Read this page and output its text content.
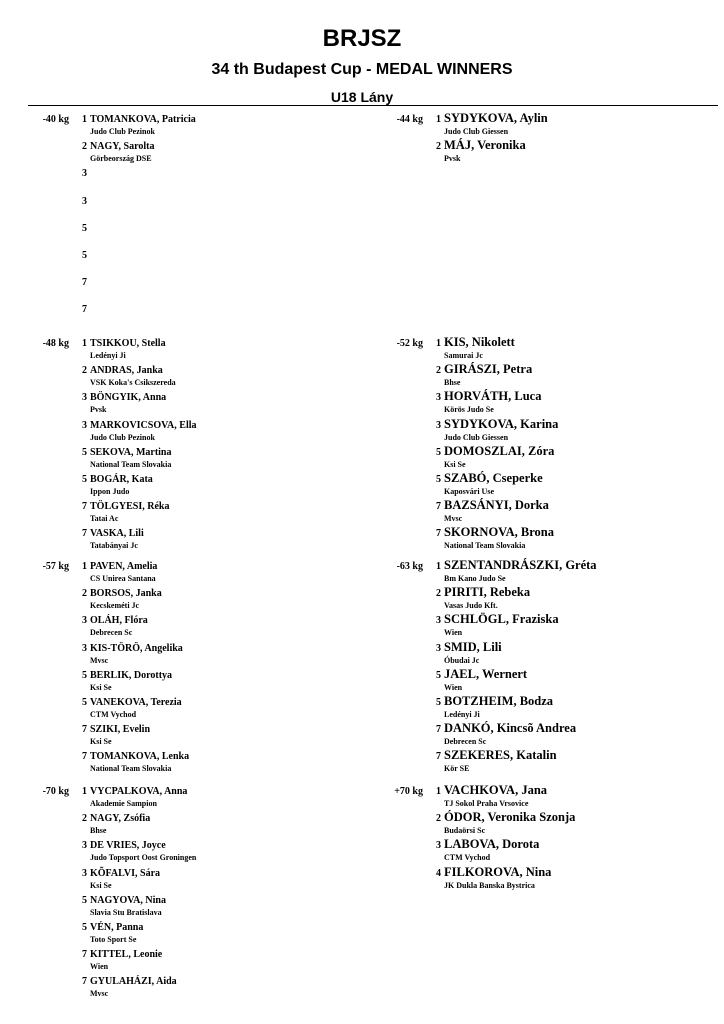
BRJSZ
34 th Budapest Cup - MEDAL WINNERS
U18 Lány
-40 kg	1 TOMANKOVA, Patricia
Judo Club Pezinok
2 NAGY, Sarolta
Görbeország DSE
3
3
5
5
7
7
-44 kg	1 SYDYKOVA, Aylin
Judo Club Giessen
2 MÁJ, Veronika
Pvsk
-48 kg	1 TSIKKOU, Stella
Ledényi Ji
2 ANDRAS, Janka
VSK Koka's Csikszereda
3 BÖNGYIK, Anna
Pvsk
3 MARKOVICSOVA, Ella
Judo Club Pezinok
5 SEKOVA, Martina
National Team Slovakia
5 BOGÁR, Kata
Ippon Judo
7 TÖLGYESI, Réka
Tatai Ac
7 VASKA, Lili
Tatabányai Jc
-52 kg	1 KIS, Nikolett
Samurai Jc
2 GIRÁSZI, Petra
Bhse
3 HORVÁTH, Luca
Körös Judo Se
3 SYDYKOVA, Karina
Judo Club Giessen
5 DOMOSZLAI, Zóra
Ksi Se
5 SZABÓ, Cseperke
Kaposvári Use
7 BAZSÁNYI, Dorka
Mvsc
7 SKORNOVA, Brona
National Team Slovakia
-57 kg	1 PAVEN, Amelia
CS Unirea Santana
2 BORSOS, Janka
Kecskeméti Jc
3 OLÁH, Flóra
Debrecen Sc
3 KIS-TÖRÖ, Angelika
Mvsc
5 BERLIK, Dorottya
Ksi Se
5 VANEKOVA, Terezia
CTM Vychod
7 SZIKI, Evelin
Ksi Se
7 TOMANKOVA, Lenka
National Team Slovakia
-63 kg	1 SZENTANDRÁSZKI, Gréta
Bm Kano Judo Se
2 PIRITI, Rebeka
Vasas Judo Kft.
3 SCHLÖGL, Fraziska
Wien
3 SMID, Lili
Óbudai Jc
5 JAEL, Wernert
Wien
5 BOTZHEIM, Bodza
Ledényi Ji
7 DANKÓ, Kincsõ Andrea
Debrecen Sc
7 SZEKERES, Katalin
Kör SE
-70 kg	1 VYCPALKOVA, Anna
Akademie Sampion
2 NAGY, Zsófia
Bhse
3 DE VRIES, Joyce
Judo Topsport Oost Groningen
3 KÕFALVI, Sára
Ksi Se
5 NAGYOVA, Nina
Slavia Stu Bratislava
5 VÉN, Panna
Toto Sport Se
7 KITTEL, Leonie
Wien
7 GYULAHÁZI, Aida
Mvsc
+70 kg	1 VACHKOVA, Jana
TJ Sokol Praha Vrsovice
2 ÓDOR, Veronika Szonja
Budaörsi Sc
3 LABOVA, Dorota
CTM Vychod
4 FILKOROVA, Nina
JK Dukla Banska Bystrica
